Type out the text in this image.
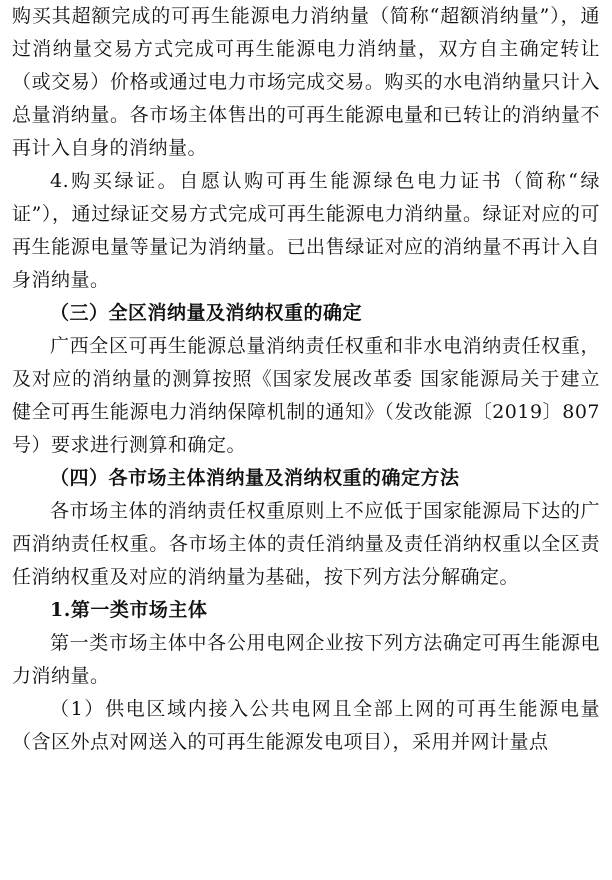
购买其超额完成的可再生能源电力消纳量（简称“超额消纳量”），通过消纳量交易方式完成可再生能源电力消纳量，双方自主确定转让（或交易）价格或通过电力市场完成交易。购买的水电消纳量只计入总量消纳量。各市场主体售出的可再生能源电量和已转让的消纳量不再计入自身的消纳量。

4.购买绿证。自愿认购可再生能源绿色电力证书（简称“绿证”），通过绿证交易方式完成可再生能源电力消纳量。绿证对应的可再生能源电量等量记为消纳量。已出售绿证对应的消纳量不再计入自身消纳量。

（三）全区消纳量及消纳权重的确定

广西全区可再生能源总量消纳责任权重和非水电消纳责任权重，及对应的消纳量的测算按照《国家发展改革委 国家能源局关于建立健全可再生能源电力消纳保障机制的通知》（发改能源〔2019〕807号）要求进行测算和确定。

（四）各市场主体消纳量及消纳权重的确定方法

各市场主体的消纳责任权重原则上不应低于国家能源局下达的广西消纳责任权重。各市场主体的责任消纳量及责任消纳权重以全区责任消纳权重及对应的消纳量为基础，按下列方法分解确定。

1.第一类市场主体

第一类市场主体中各公用电网企业按下列方法确定可再生能源电力消纳量。

（1）供电区域内接入公共电网且全部上网的可再生能源电量（含区外点对网送入的可再生能源发电项目），采用并网计量点
